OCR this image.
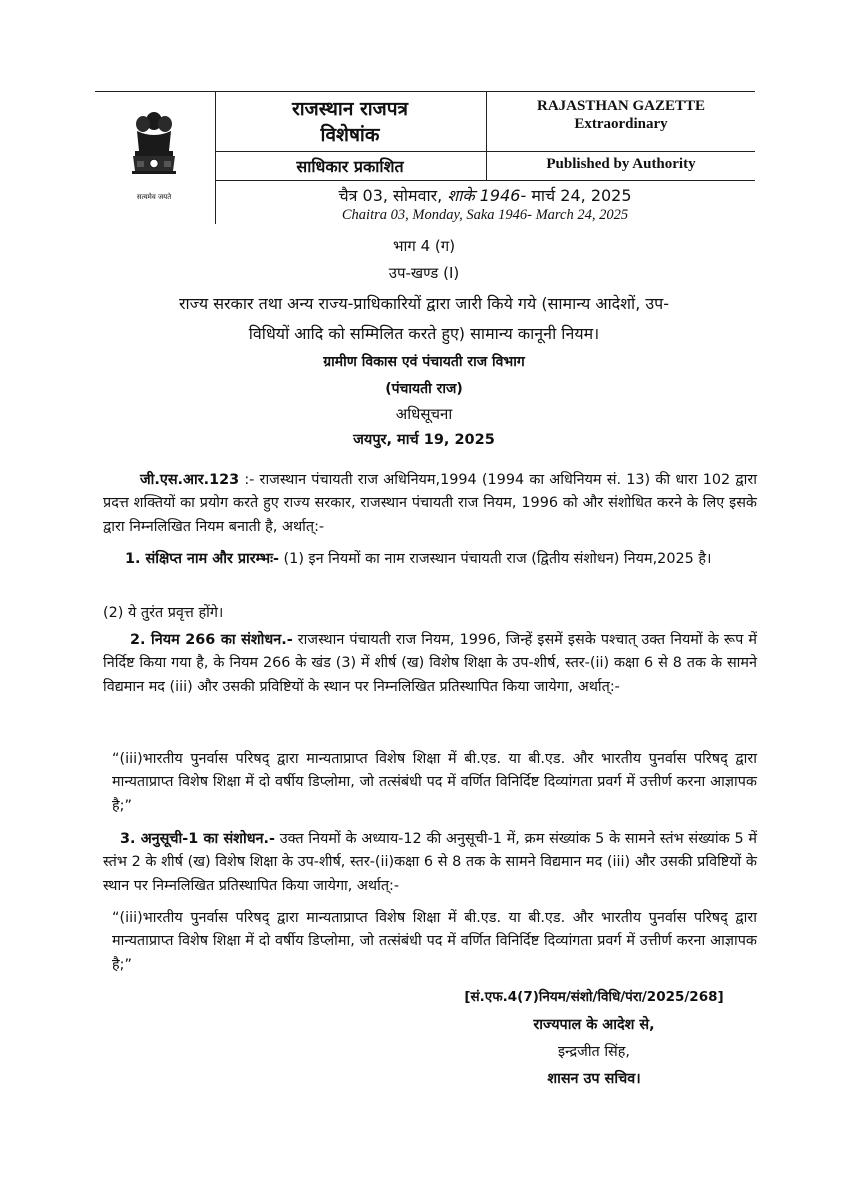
सत्यमेव जयते
राजस्थान राजपत्र
विशेषांक
RAJASTHAN GAZETTE
Extraordinary
साधिकार प्रकाशित	Published by Authority
चैत्र 03, सोमवार, शाके 1946- मार्च 24, 2025
Chaitra 03, Monday, Saka 1946- March 24, 2025
भाग 4 (ग)
उप-खण्ड (I)
राज्य सरकार तथा अन्य राज्य-प्राधिकारियों द्वारा जारी किये गये (सामान्य आदेशों, उप-
विधियों आदि को सम्मिलित करते हुए) सामान्य कानूनी नियम।
ग्रामीण विकास एवं पंचायती राज विभाग
(पंचायती राज)
अधिसूचना
जयपुर, मार्च 19, 2025

जी.एस.आर.123 :- राजस्थान पंचायती राज अधिनियम,1994 (1994 का अधिनियम सं. 13) की धारा 102 द्वारा प्रदत्त शक्तियों का प्रयोग करते हुए राज्य सरकार, राजस्थान पंचायती राज नियम, 1996 को और संशोधित करने के लिए इसके द्वारा निम्नलिखित नियम बनाती है, अर्थात्:-

1. संक्षिप्त नाम और प्रारम्भः- (1) इन नियमों का नाम राजस्थान पंचायती राज (द्वितीय संशोधन) नियम,2025 है।

(2) ये तुरंत प्रवृत्त होंगे।

2. नियम 266 का संशोधन.- राजस्थान पंचायती राज नियम, 1996, जिन्हें इसमें इसके पश्चात् उक्त नियमों के रूप में निर्दिष्ट किया गया है, के नियम 266 के खंड (3) में शीर्ष (ख) विशेष शिक्षा के उप-शीर्ष, स्तर-(ii) कक्षा 6 से 8 तक के सामने विद्यमान मद (iii) और उसकी प्रविष्टियों के स्थान पर निम्नलिखित प्रतिस्थापित किया जायेगा, अर्थात्:-

“(iii)भारतीय पुनर्वास परिषद् द्वारा मान्यताप्राप्त विशेष शिक्षा में बी.एड. या बी.एड. और भारतीय पुनर्वास परिषद् द्वारा मान्यताप्राप्त विशेष शिक्षा में दो वर्षीय डिप्लोमा, जो तत्संबंधी पद में वर्णित विनिर्दिष्ट दिव्यांगता प्रवर्ग में उत्तीर्ण करना आज्ञापक है;”

3. अनुसूची-1 का संशोधन.- उक्त नियमों के अध्याय-12 की अनुसूची-1 में, क्रम संख्यांक 5 के सामने स्तंभ संख्यांक 5 में स्तंभ 2 के शीर्ष (ख) विशेष शिक्षा के उप-शीर्ष, स्तर-(ii)कक्षा 6 से 8 तक के सामने विद्यमान मद (iii) और उसकी प्रविष्टियों के स्थान पर निम्नलिखित प्रतिस्थापित किया जायेगा, अर्थात्:-

“(iii)भारतीय पुनर्वास परिषद् द्वारा मान्यताप्राप्त विशेष शिक्षा में बी.एड. या बी.एड. और भारतीय पुनर्वास परिषद् द्वारा मान्यताप्राप्त विशेष शिक्षा में दो वर्षीय डिप्लोमा, जो तत्संबंधी पद में वर्णित विनिर्दिष्ट दिव्यांगता प्रवर्ग में उत्तीर्ण करना आज्ञापक है;”

[सं.एफ.4(7)नियम/संशो/विधि/पंरा/2025/268]
राज्यपाल के आदेश से,
इन्द्रजीत सिंह,
शासन उप सचिव।
